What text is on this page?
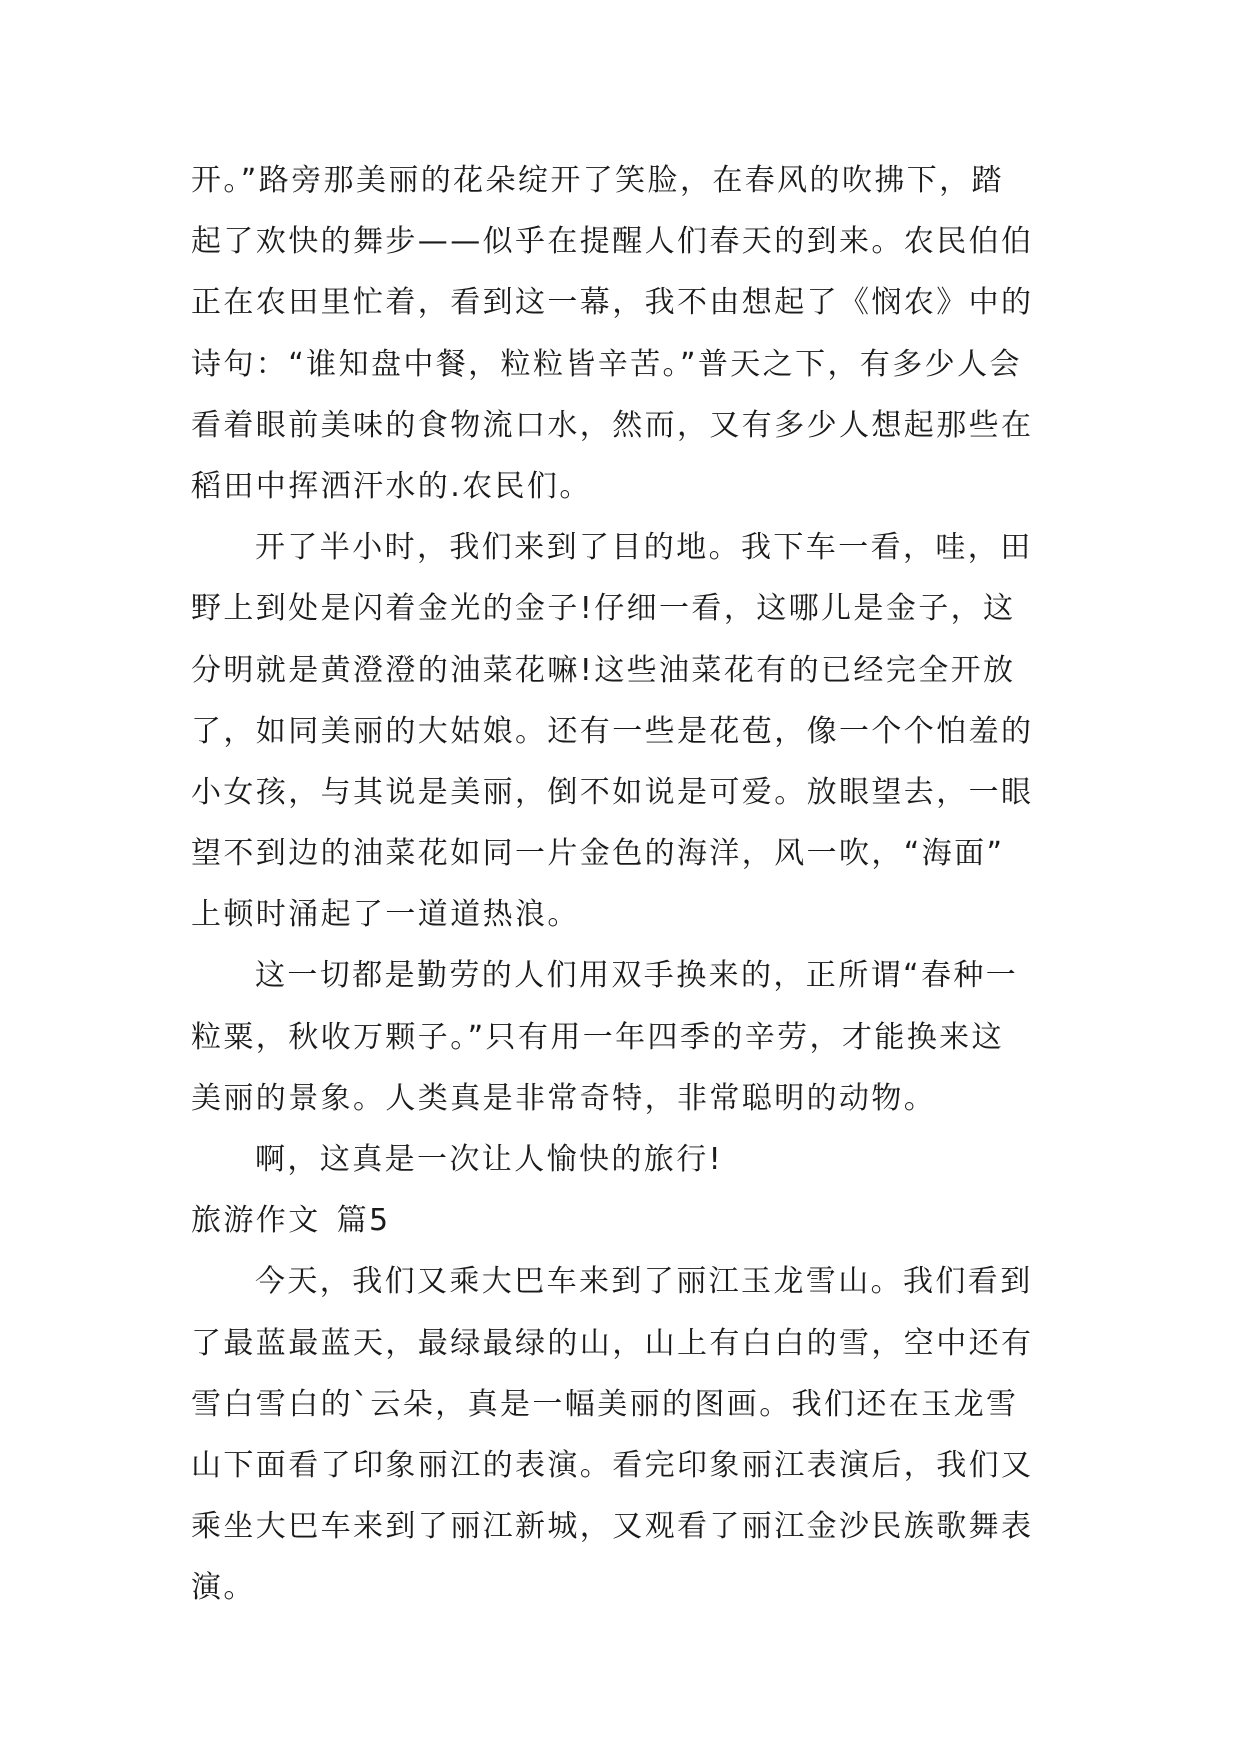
开。”路旁那美丽的花朵绽开了笑脸，在春风的吹拂下，踏
起了欢快的舞步——似乎在提醒人们春天的到来。农民伯伯
正在农田里忙着，看到这一幕，我不由想起了《悯农》中的
诗句：“谁知盘中餐，粒粒皆辛苦。”普天之下，有多少人会
看着眼前美味的食物流口水，然而，又有多少人想起那些在
稻田中挥洒汗水的.农民们。
开了半小时，我们来到了目的地。我下车一看，哇，田
野上到处是闪着金光的金子!仔细一看，这哪儿是金子，这
分明就是黄澄澄的油菜花嘛!这些油菜花有的已经完全开放
了，如同美丽的大姑娘。还有一些是花苞，像一个个怕羞的
小女孩，与其说是美丽，倒不如说是可爱。放眼望去，一眼
望不到边的油菜花如同一片金色的海洋，风一吹，“海面”
上顿时涌起了一道道热浪。
这一切都是勤劳的人们用双手换来的，正所谓“春种一
粒粟，秋收万颗子。”只有用一年四季的辛劳，才能换来这
美丽的景象。人类真是非常奇特，非常聪明的动物。
啊，这真是一次让人愉快的旅行!
旅游作文 篇5
今天，我们又乘大巴车来到了丽江玉龙雪山。我们看到
了最蓝最蓝天，最绿最绿的山，山上有白白的雪，空中还有
雪白雪白的`云朵，真是一幅美丽的图画。我们还在玉龙雪
山下面看了印象丽江的表演。看完印象丽江表演后，我们又
乘坐大巴车来到了丽江新城，又观看了丽江金沙民族歌舞表
演。
